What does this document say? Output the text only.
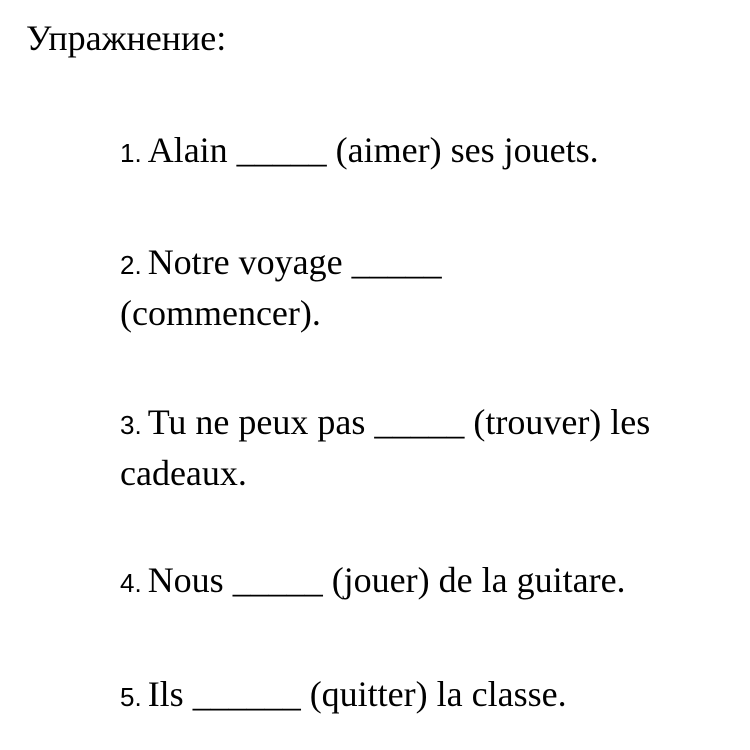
Упражнение:
1. Alain _____ (aimer) ses jouets.
2. Notre voyage _____ (commencer).
3. Tu ne peux pas _____ (trouver) les cadeaux.
4. Nous _____ (jouer) de la guitare.
5. Ils ______ (quitter) la classe.
